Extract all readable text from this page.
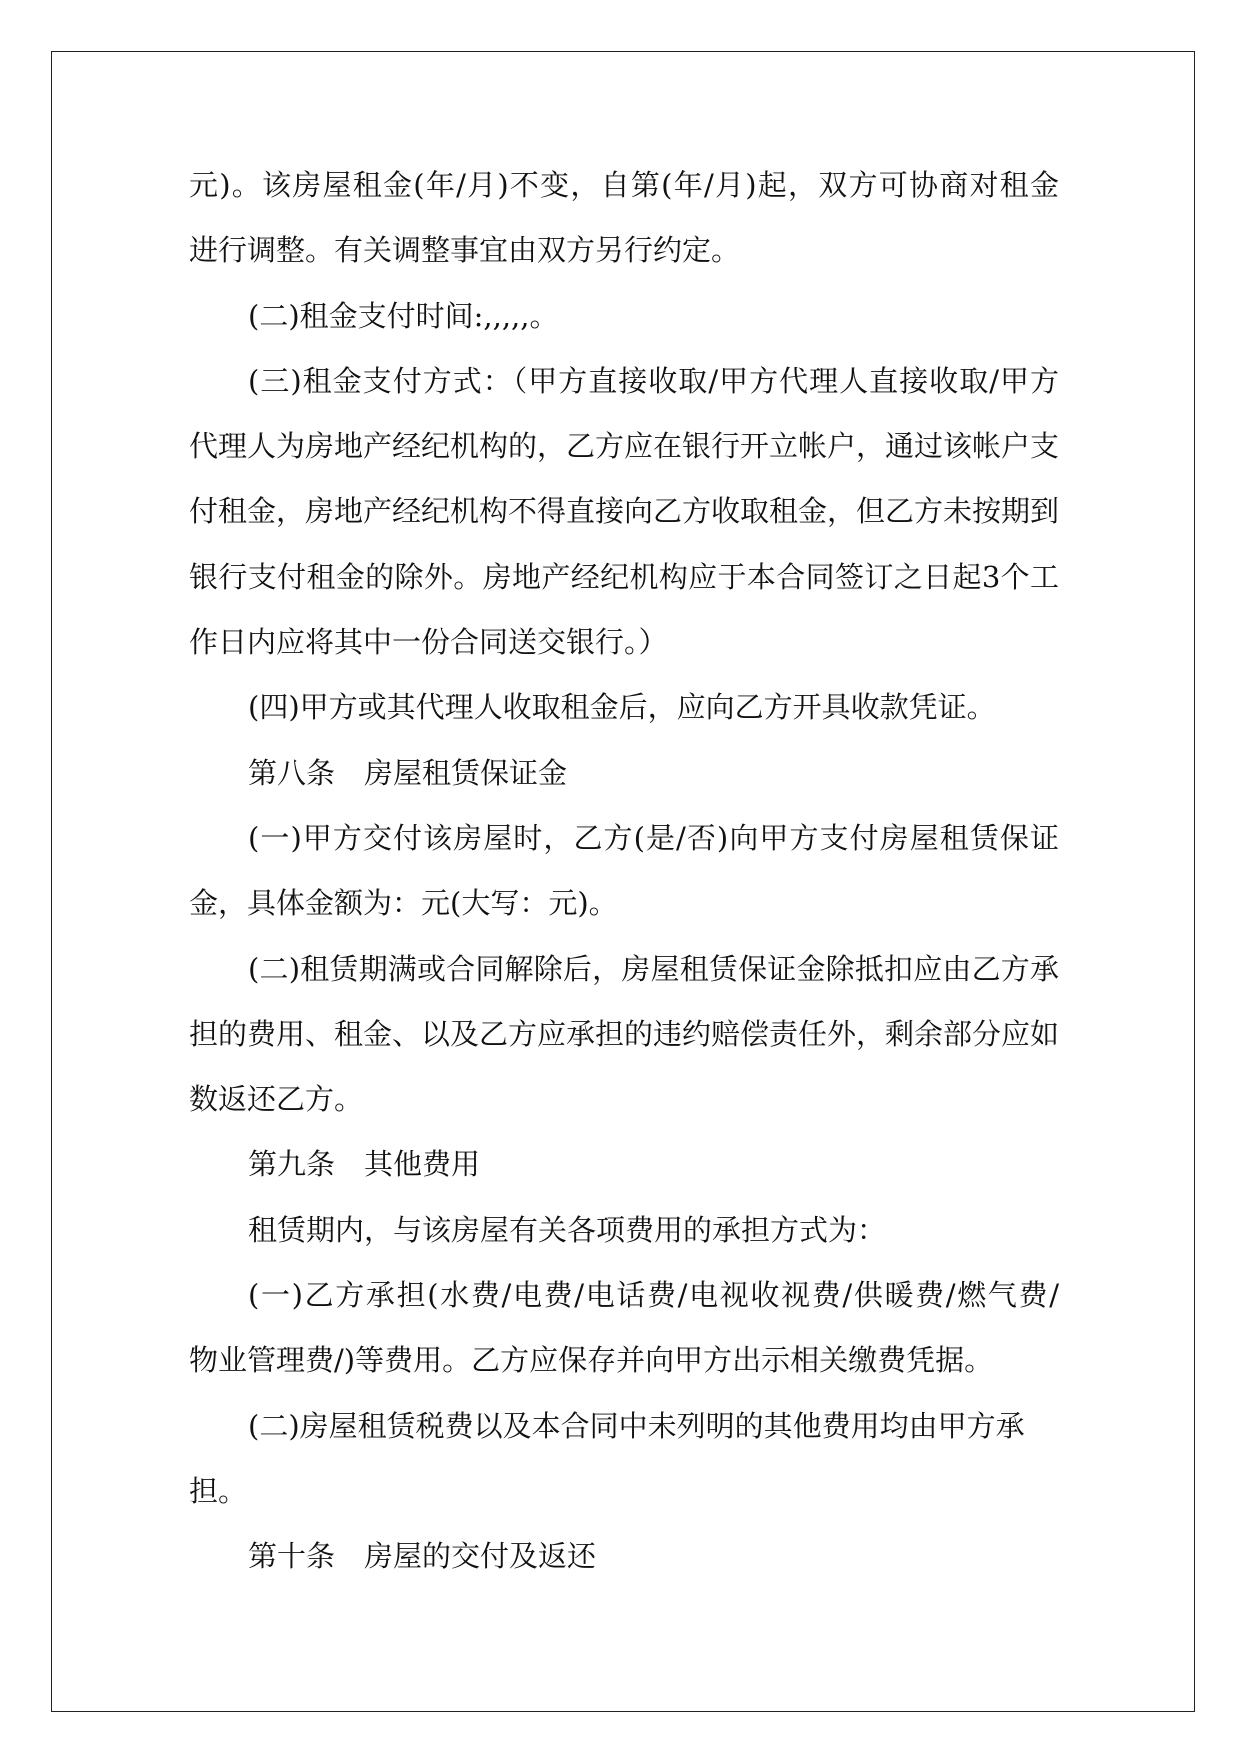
元)。该房屋租金(年/月)不变，自第(年/月)起，双方可协商对租金
进行调整。有关调整事宜由双方另行约定。
(二)租金支付时间:,,,,,。
(三)租金支付方式：（甲方直接收取/甲方代理人直接收取/甲方
代理人为房地产经纪机构的，乙方应在银行开立帐户，通过该帐户支
付租金，房地产经纪机构不得直接向乙方收取租金，但乙方未按期到
银行支付租金的除外。房地产经纪机构应于本合同签订之日起3个工
作日内应将其中一份合同送交银行。）
(四)甲方或其代理人收取租金后，应向乙方开具收款凭证。
第八条　房屋租赁保证金
(一)甲方交付该房屋时，乙方(是/否)向甲方支付房屋租赁保证
金，具体金额为：元(大写：元)。
(二)租赁期满或合同解除后，房屋租赁保证金除抵扣应由乙方承
担的费用、租金、以及乙方应承担的违约赔偿责任外，剩余部分应如
数返还乙方。
第九条　其他费用
租赁期内，与该房屋有关各项费用的承担方式为：
(一)乙方承担(水费/电费/电话费/电视收视费/供暖费/燃气费/
物业管理费/)等费用。乙方应保存并向甲方出示相关缴费凭据。
(二)房屋租赁税费以及本合同中未列明的其他费用均由甲方承
担。
第十条　房屋的交付及返还
